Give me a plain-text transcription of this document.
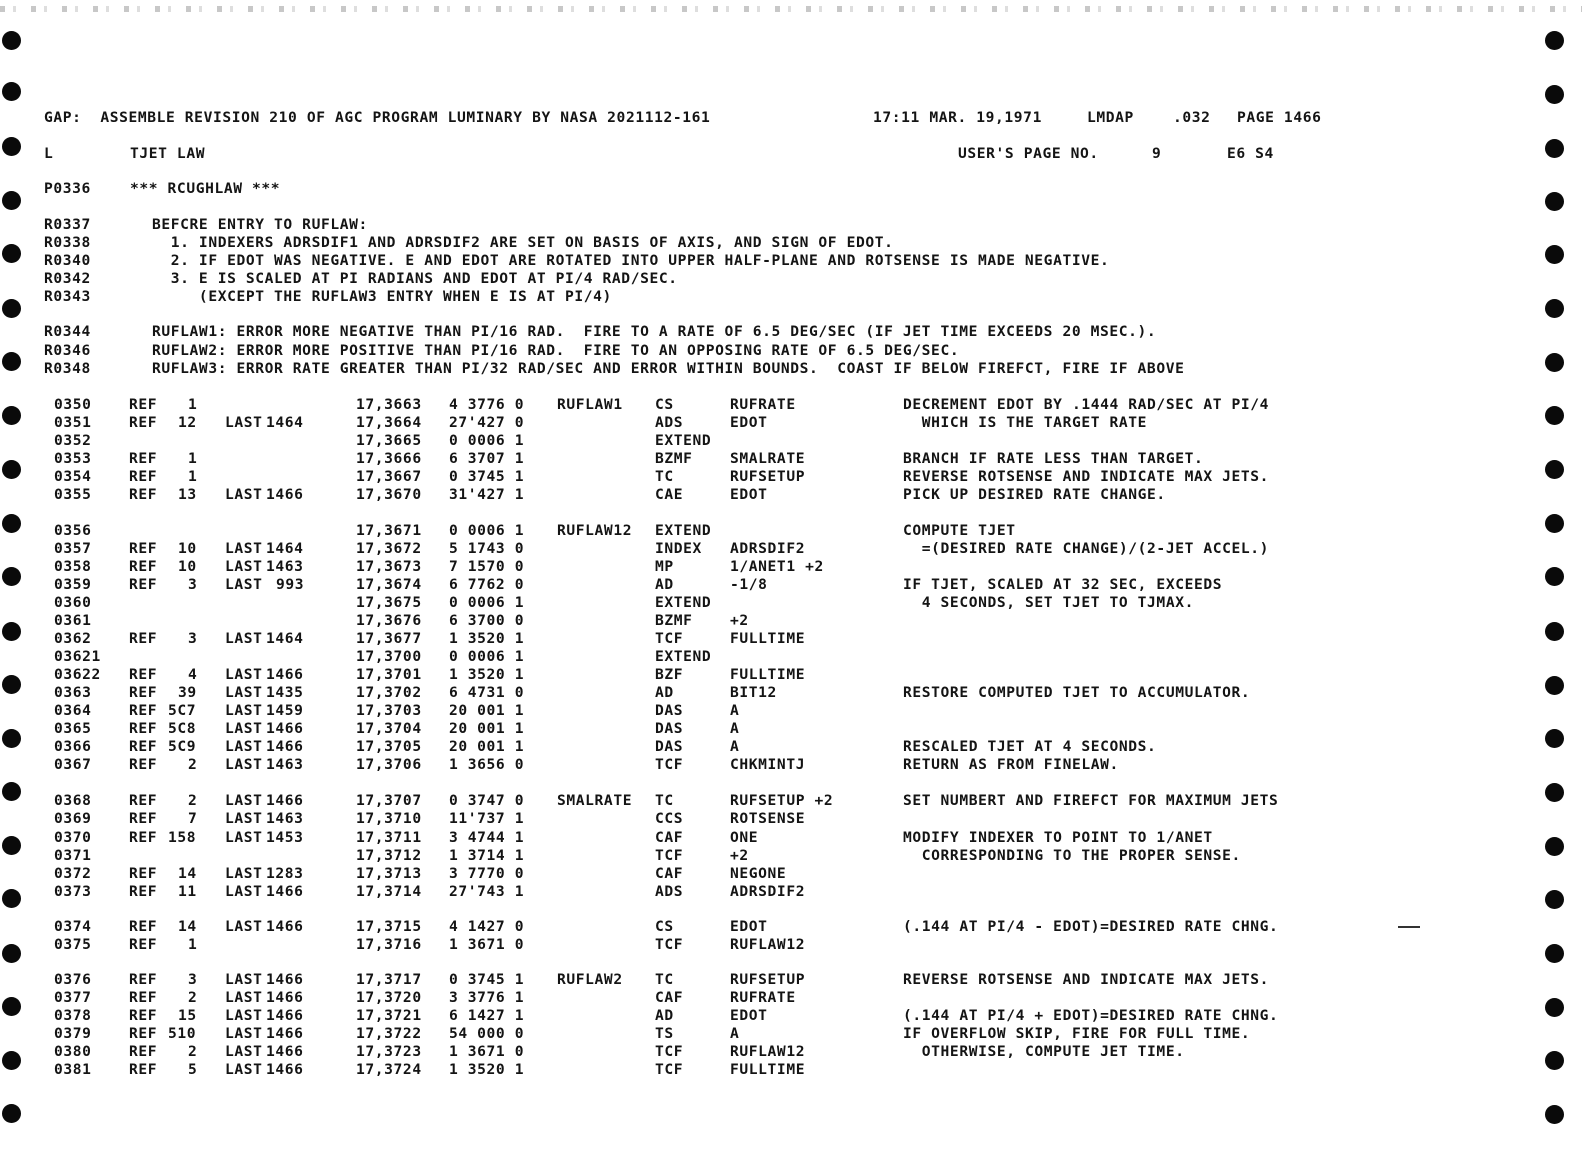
GAP:  ASSEMBLE REVISION 210 OF AGC PROGRAM LUMINARY BY NASA 2021112-161

	17:11 MAR. 19,1971

	LMDAP

	.032

PAGE 1466

L

	TJET LAW

	USER'S PAGE NO.

	9

	E6 S4

P0336

	*** RCUGHLAW ***

R0337	BEFCRE ENTRY TO RUFLAW:
R0338	1. INDEXERS ADRSDIF1 AND ADRSDIF2 ARE SET ON BASIS OF AXIS, AND SIGN OF EDOT.
R0340	2. IF EDOT WAS NEGATIVE. E AND EDOT ARE ROTATED INTO UPPER HALF-PLANE AND ROTSENSE IS MADE NEGATIVE.
R0342	3. E IS SCALED AT PI RADIANS AND EDOT AT PI/4 RAD/SEC.
R0343	(EXCEPT THE RUFLAW3 ENTRY WHEN E IS AT PI/4)
R0344	RUFLAW1: ERROR MORE NEGATIVE THAN PI/16 RAD.  FIRE TO A RATE OF 6.5 DEG/SEC (IF JET TIME EXCEEDS 20 MSEC.).
R0346	RUFLAW2: ERROR MORE POSITIVE THAN PI/16 RAD.  FIRE TO AN OPPOSING RATE OF 6.5 DEG/SEC.
R0348	RUFLAW3: ERROR RATE GREATER THAN PI/32 RAD/SEC AND ERROR WITHIN BOUNDS.  COAST IF BELOW FIREFCT, FIRE IF ABOVE
0350	REF 1	17,3663 4 3776 0 RUFLAW1 CS	RUFRATE	DECREMENT EDOT BY .1444 RAD/SEC AT PI/4
0351	REF 12 LAST 1464	17,3664 27'427 0	ADS	EDOT	WHICH IS THE TARGET RATE
0352	17,3665 0 0006 1	EXTEND
0353	REF 1	17,3666 6 3707 1	BZMF	SMALRATE	BRANCH IF RATE LESS THAN TARGET.
0354	REF 1	17,3667 0 3745 1	TC	RUFSETUP	REVERSE ROTSENSE AND INDICATE MAX JETS.
0355	REF 13 LAST 1466	17,3670 31'427 1	CAE	EDOT	PICK UP DESIRED RATE CHANGE.
0356	17,3671 0 0006 1 RUFLAW12 EXTEND	COMPUTE TJET
0357	REF 10 LAST 1464	17,3672 5 1743 0	INDEX ADRSDIF2	=(DESIRED RATE CHANGE)/(2-JET ACCEL.)
0358	REF 10 LAST 1463	17,3673 7 1570 0	MP	1/ANET1 +2
0359	REF 3 LAST 993	17,3674 6 7762 0	AD	-1/8	IF TJET, SCALED AT 32 SEC, EXCEEDS
0360	17,3675 0 0006 1	EXTEND	4 SECONDS, SET TJET TO TJMAX.
0361	17,3676 6 3700 0	BZMF	+2
0362	REF 3 LAST 1464	17,3677 1 3520 1	TCF	FULLTIME
03621	17,3700 0 0006 1	EXTEND
03622 REF 4 LAST 1466	17,3701 1 3520 1	BZF	FULLTIME
0363	REF 39 LAST 1435	17,3702 6 4731 0	AD	BIT12	RESTORE COMPUTED TJET TO ACCUMULATOR.
0364	REF 5C7 LAST 1459	17,3703 20 001 1	DAS	A
0365	REF 5C8 LAST 1466	17,3704 20 001 1	DAS	A
0366	REF 5C9 LAST 1466	17,3705 20 001 1	DAS	A	RESCALED TJET AT 4 SECONDS.
0367	REF 2 LAST 1463	17,3706 1 3656 0	TCF	CHKMINTJ	RETURN AS FROM FINELAW.
0368	REF 2 LAST 1466	17,3707 0 3747 0 SMALRATE TC	RUFSETUP +2	SET NUMBERT AND FIREFCT FOR MAXIMUM JETS
0369	REF 7 LAST 1463	17,3710 11'737 1	CCS	ROTSENSE
0370	REF 158 LAST 1453	17,3711 3 4744 1	CAF	ONE	MODIFY INDEXER TO POINT TO 1/ANET
0371	17,3712 1 3714 1	TCF	+2	CORRESPONDING TO THE PROPER SENSE.
0372	REF 14 LAST 1283	17,3713 3 7770 0	CAF	NEGONE
0373	REF 11 LAST 1466	17,3714 27'743 1	ADS	ADRSDIF2
0374	REF 14 LAST 1466	17,3715 4 1427 0	CS	EDOT	(.144 AT PI/4 - EDOT)=DESIRED RATE CHNG.
0375	REF 1	17,3716 1 3671 0	TCF	RUFLAW12
0376	REF 3 LAST 1466	17,3717 0 3745 1 RUFLAW2 TC	RUFSETUP	REVERSE ROTSENSE AND INDICATE MAX JETS.
0377	REF 2 LAST 1466	17,3720 3 3776 1	CAF	RUFRATE
0378	REF 15 LAST 1466	17,3721 6 1427 1	AD	EDOT	(.144 AT PI/4 + EDOT)=DESIRED RATE CHNG.
0379	REF 510 LAST 1466	17,3722 54 000 0	TS	A	IF OVERFLOW SKIP, FIRE FOR FULL TIME.
0380	REF 2 LAST 1466	17,3723 1 3671 0	TCF	RUFLAW12	OTHERWISE, COMPUTE JET TIME.
0381	REF 5 LAST 1466	17,3724 1 3520 1	TCF	FULLTIME
